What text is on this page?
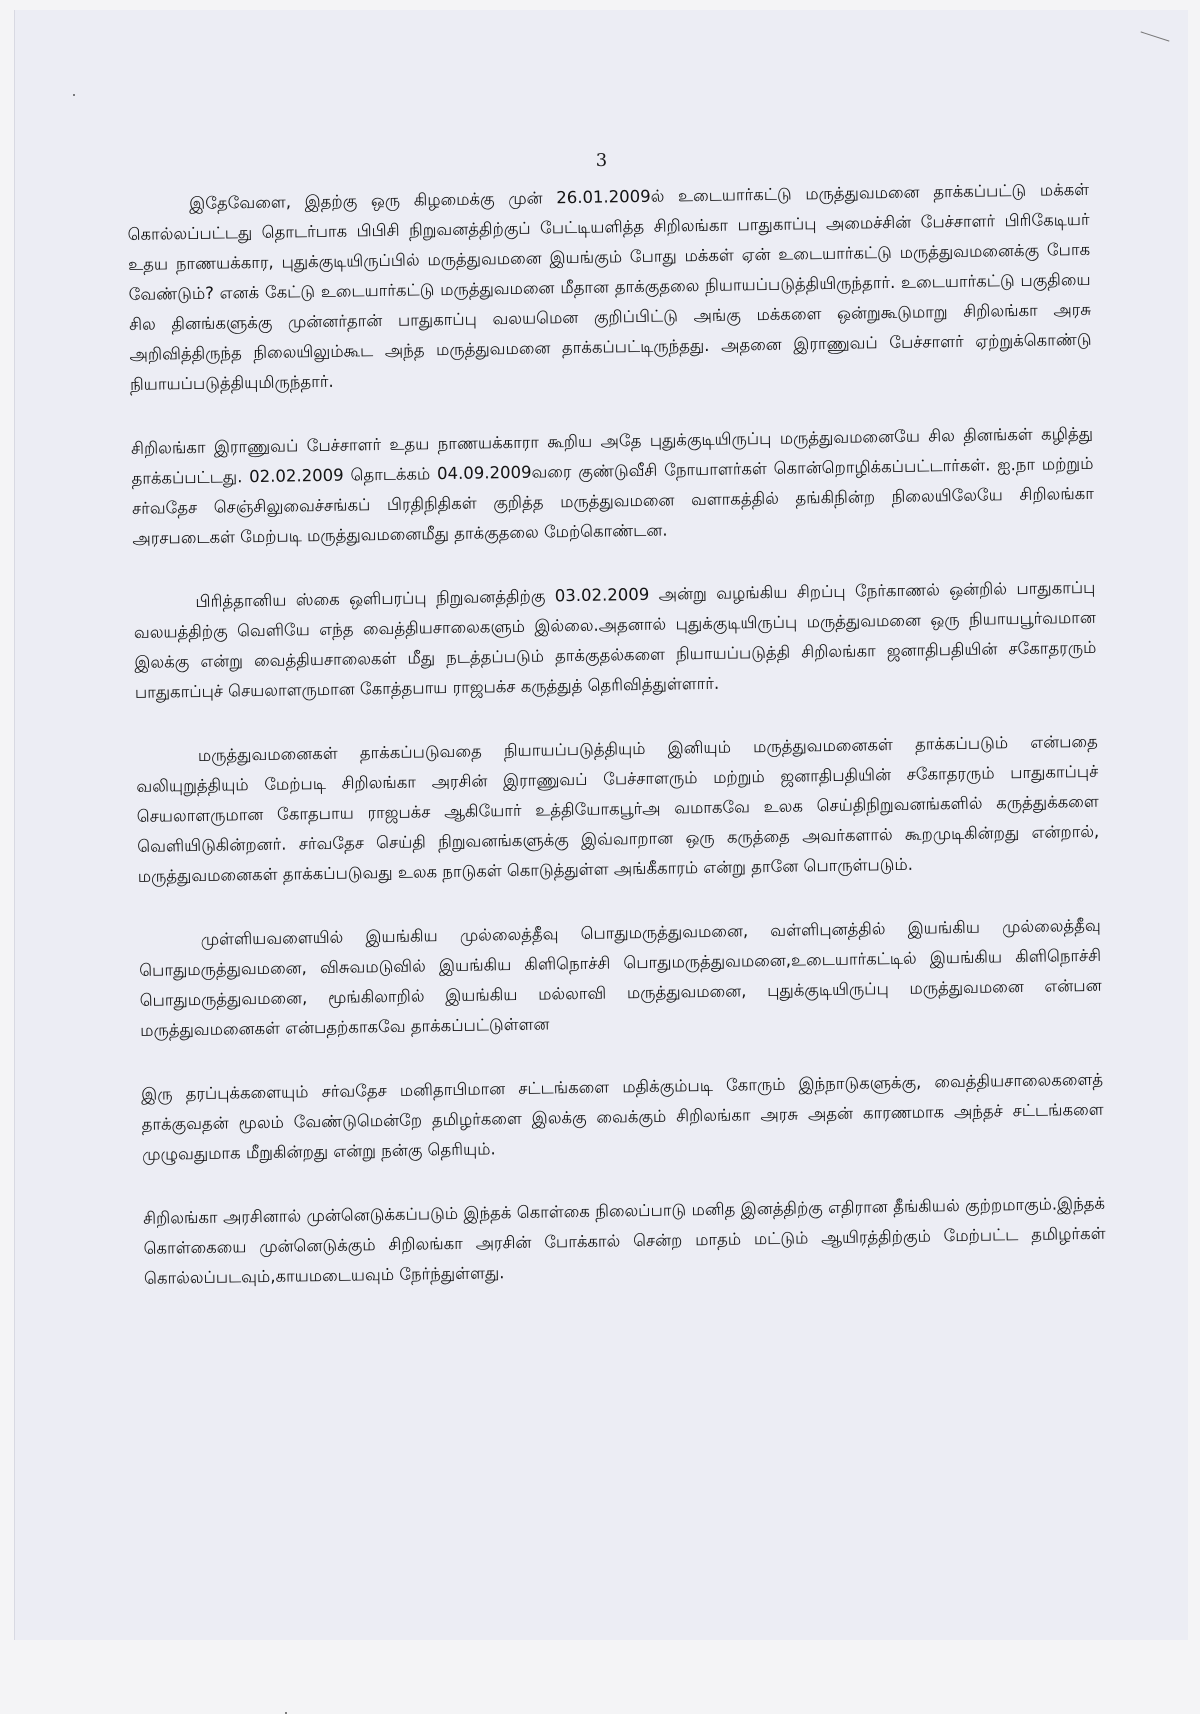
3

இதேவேளை, இதற்கு ஒரு கிழமைக்கு முன் 26.01.2009ல் உடையார்கட்டு மருத்துவமனை தாக்கப்பட்டு மக்கள் கொல்லப்பட்டது தொடர்பாக பிபிசி நிறுவனத்திற்குப் பேட்டியளித்த சிறிலங்கா பாதுகாப்பு அமைச்சின் பேச்சாளர் பிரிகேடியர் உதய நாணயக்கார, புதுக்குடியிருப்பில் மருத்துவமனை இயங்கும் போது மக்கள் ஏன் உடையார்கட்டு மருத்துவமனைக்கு போக வேண்டும்? எனக் கேட்டு உடையார்கட்டு மருத்துவமனை மீதான தாக்குதலை நியாயப்படுத்தியிருந்தார். உடையார்கட்டு பகுதியை சில தினங்களுக்கு முன்னர்தான் பாதுகாப்பு வலயமென குறிப்பிட்டு அங்கு மக்களை ஒன்றுகூடுமாறு சிறிலங்கா அரசு அறிவித்திருந்த நிலையிலும்கூட அந்த மருத்துவமனை தாக்கப்பட்டிருந்தது. அதனை இராணுவப் பேச்சாளர் ஏற்றுக்கொண்டு நியாயப்படுத்தியுமிருந்தார்.

சிறிலங்கா இராணுவப் பேச்சாளர் உதய நாணயக்காரா கூறிய அதே புதுக்குடியிருப்பு மருத்துவமனையே சில தினங்கள் கழித்து தாக்கப்பட்டது. 02.02.2009 தொடக்கம் 04.09.2009வரை குண்டுவீசி நோயாளர்கள் கொன்றொழிக்கப்பட்டார்கள். ஐ.நா மற்றும் சர்வதேச செஞ்சிலுவைச்சங்கப் பிரதிநிதிகள் குறித்த மருத்துவமனை வளாகத்தில் தங்கிநின்ற நிலையிலேயே சிறிலங்கா அரசபடைகள் மேற்படி மருத்துவமனைமீது தாக்குதலை மேற்கொண்டன.

பிரித்தானிய ஸ்கை ஒளிபரப்பு நிறுவனத்திற்கு 03.02.2009 அன்று வழங்கிய சிறப்பு நேர்காணல் ஒன்றில் பாதுகாப்பு வலயத்திற்கு வெளியே எந்த வைத்தியசாலைகளும் இல்லை.அதனால் புதுக்குடியிருப்பு மருத்துவமனை ஒரு நியாயபூர்வமான இலக்கு என்று வைத்தியசாலைகள் மீது நடத்தப்படும் தாக்குதல்களை நியாயப்படுத்தி சிறிலங்கா ஜனாதிபதியின் சகோதரரும் பாதுகாப்புச் செயலாளருமான கோத்தபாய ராஜபக்ச கருத்துத் தெரிவித்துள்ளார்.

மருத்துவமனைகள் தாக்கப்படுவதை நியாயப்படுத்தியும் இனியும் மருத்துவமனைகள் தாக்கப்படும் என்பதை வலியுறுத்தியும் மேற்படி சிறிலங்கா அரசின் இராணுவப் பேச்சாளரும் மற்றும் ஜனாதிபதியின் சகோதரரும் பாதுகாப்புச் செயலாளருமான கோதபாய ராஜபக்ச ஆகியோர் உத்தியோகபூர்அ வமாகவே உலக செய்திநிறுவனங்களில் கருத்துக்களை வெளியிடுகின்றனர். சர்வதேச செய்தி நிறுவனங்களுக்கு இவ்வாறான ஒரு கருத்தை அவர்களால் கூறமுடிகின்றது என்றால், மருத்துவமனைகள் தாக்கப்படுவது உலக நாடுகள் கொடுத்துள்ள அங்கீகாரம் என்று தானே பொருள்படும்.

முள்ளியவளையில் இயங்கிய முல்லைத்தீவு பொதுமருத்துவமனை, வள்ளிபுனத்தில் இயங்கிய முல்லைத்தீவு பொதுமருத்துவமனை, விசுவமடுவில் இயங்கிய கிளிநொச்சி பொதுமருத்துவமனை,உடையார்கட்டில் இயங்கிய கிளிநொச்சி பொதுமருத்துவமனை, மூங்கிலாறில் இயங்கிய மல்லாவி மருத்துவமனை, புதுக்குடியிருப்பு மருத்துவமனை என்பன மருத்துவமனைகள் என்பதற்காகவே தாக்கப்பட்டுள்ளன

இரு தரப்புக்களையும் சர்வதேச மனிதாபிமான சட்டங்களை மதிக்கும்படி கோரும் இந்நாடுகளுக்கு, வைத்தியசாலைகளைத் தாக்குவதன் மூலம் வேண்டுமென்றே தமிழர்களை இலக்கு வைக்கும் சிறிலங்கா அரசு அதன் காரணமாக அந்தச் சட்டங்களை முழுவதுமாக மீறுகின்றது என்று நன்கு தெரியும்.

சிறிலங்கா அரசினால் முன்னெடுக்கப்படும் இந்தக் கொள்கை நிலைப்பாடு மனித இனத்திற்கு எதிரான தீங்கியல் குற்றமாகும்.இந்தக் கொள்கையை முன்னெடுக்கும் சிறிலங்கா அரசின் போக்கால் சென்ற மாதம் மட்டும் ஆயிரத்திற்கும் மேற்பட்ட தமிழர்கள் கொல்லப்படவும்,காயமடையவும் நேர்ந்துள்ளது.
